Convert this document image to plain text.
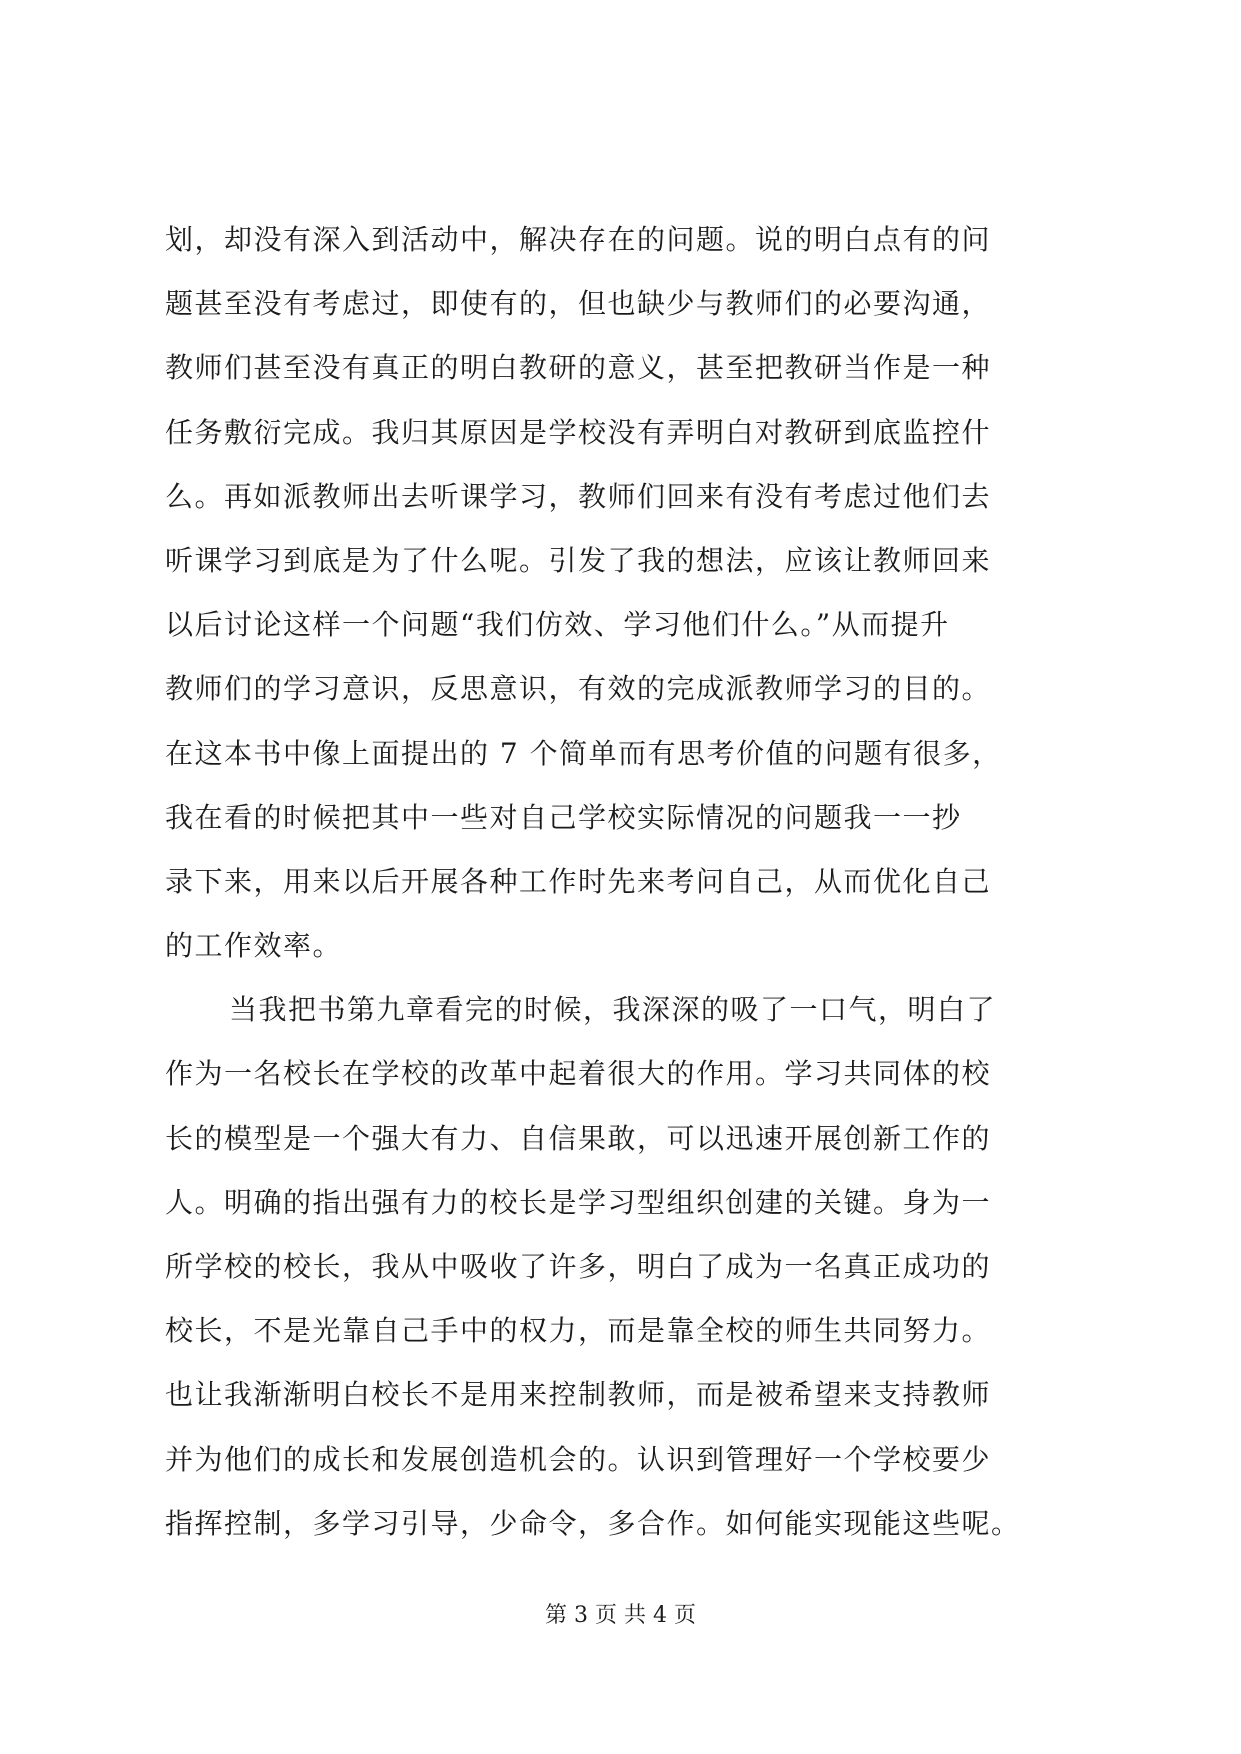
划，却没有深入到活动中，解决存在的问题。说的明白点有的问
题甚至没有考虑过，即使有的，但也缺少与教师们的必要沟通，
教师们甚至没有真正的明白教研的意义，甚至把教研当作是一种
任务敷衍完成。我归其原因是学校没有弄明白对教研到底监控什
么。再如派教师出去听课学习，教师们回来有没有考虑过他们去
听课学习到底是为了什么呢。引发了我的想法，应该让教师回来
以后讨论这样一个问题“我们仿效、学习他们什么。”从而提升
教师们的学习意识，反思意识，有效的完成派教师学习的目的。
在这本书中像上面提出的 7 个简单而有思考价值的问题有很多，
我在看的时候把其中一些对自己学校实际情况的问题我一一抄
录下来，用来以后开展各种工作时先来考问自己，从而优化自己
的工作效率。
当我把书第九章看完的时候，我深深的吸了一口气，明白了
作为一名校长在学校的改革中起着很大的作用。学习共同体的校
长的模型是一个强大有力、自信果敢，可以迅速开展创新工作的
人。明确的指出强有力的校长是学习型组织创建的关键。身为一
所学校的校长，我从中吸收了许多，明白了成为一名真正成功的
校长，不是光靠自己手中的权力，而是靠全校的师生共同努力。
也让我渐渐明白校长不是用来控制教师，而是被希望来支持教师
并为他们的成长和发展创造机会的。认识到管理好一个学校要少
指挥控制，多学习引导，少命令，多合作。如何能实现能这些呢。
第 3 页 共 4 页
